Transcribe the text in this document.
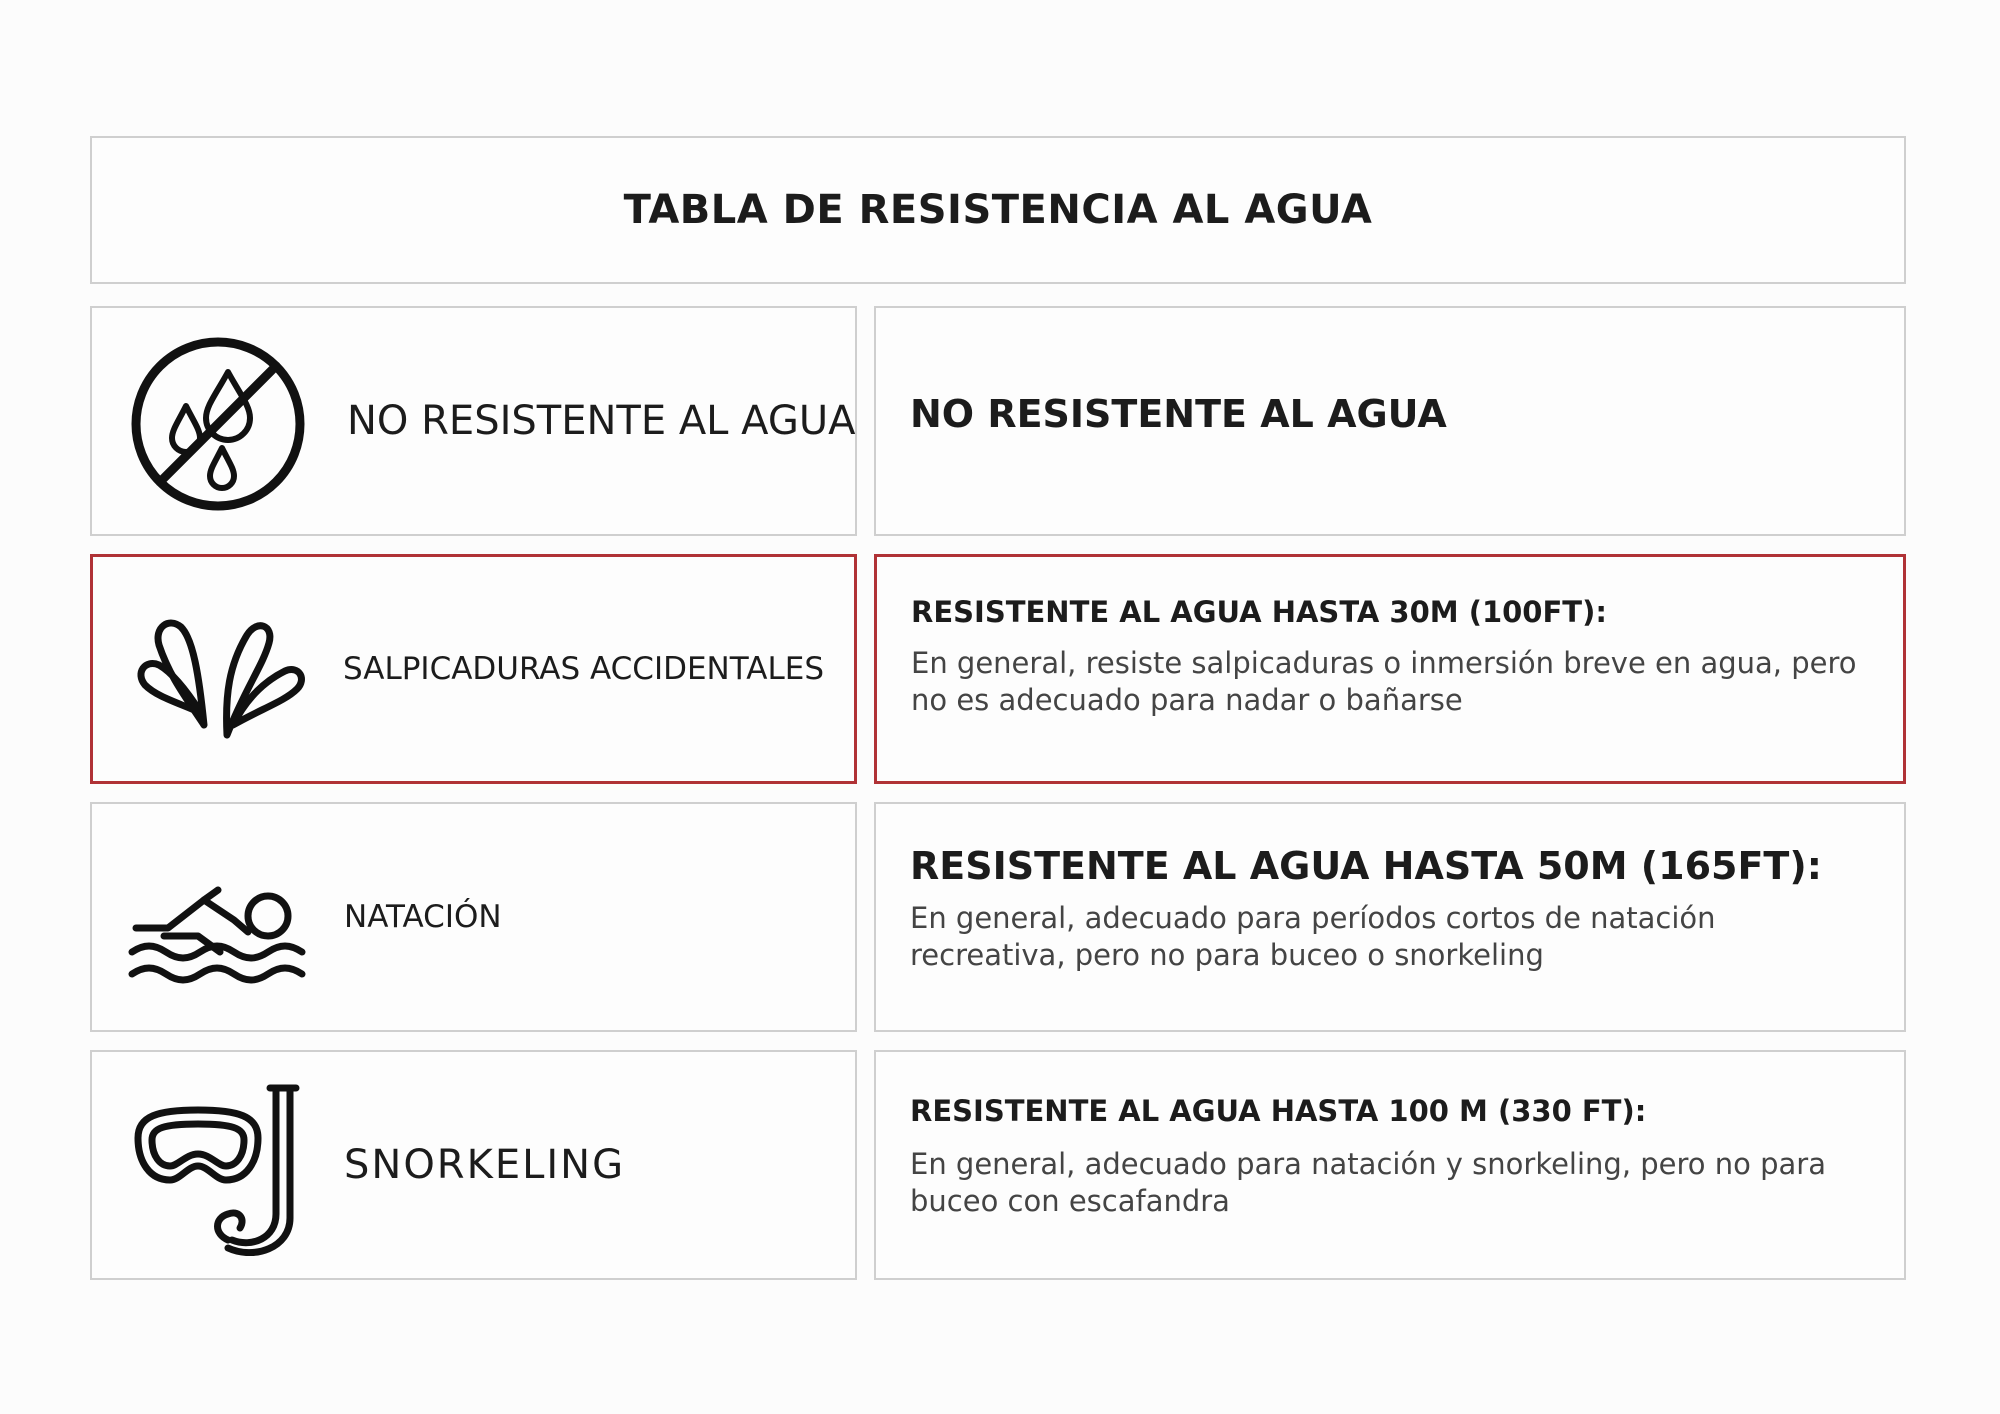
TABLA DE RESISTENCIA AL AGUA
NO RESISTENTE AL AGUA NO RESISTENTE AL AGUA
SALPICADURAS ACCIDENTALES
RESISTENTE AL AGUA HASTA 30M (100FT):
En general, resiste salpicaduras o inmersión breve en agua, pero no es adecuado para nadar o bañarse
NATACIÓN
RESISTENTE AL AGUA HASTA 50M (165FT):
En general, adecuado para períodos cortos de natación recreativa, pero no para buceo o snorkeling
SNORKELING
RESISTENTE AL AGUA HASTA 100 M (330 FT):
En general, adecuado para natación y snorkeling, pero no para buceo con escafandra
